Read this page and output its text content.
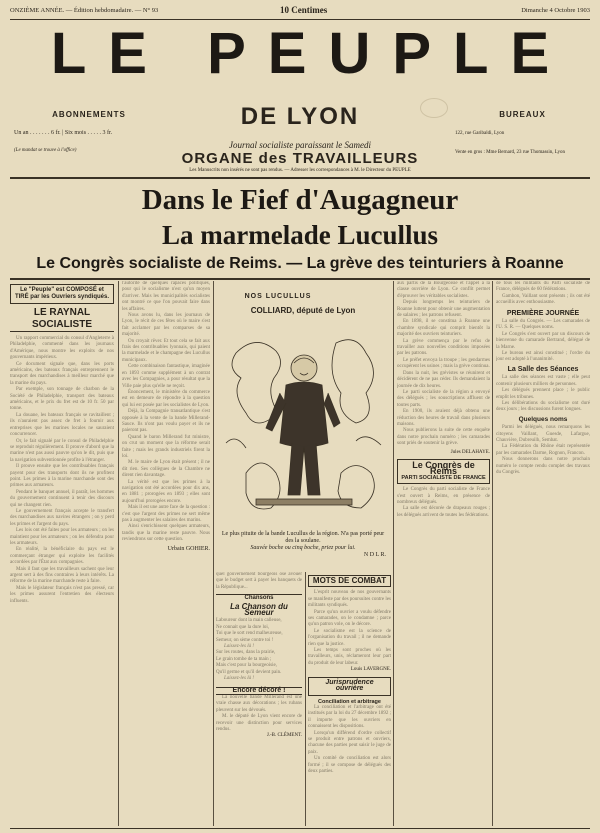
ONZIÈME ANNÉE. — Édition hebdomadaire. — N° 93	10 Centimes	Dimanche 4 Octobre 1903
LE PEUPLE
DE LYON
ABONNEMENTS
Un an . . . . . . . 6 fr. | Six mois . . . . . 3 fr.
(Le mandat se trouve à l'office)
BUREAUX
122, rue Garibaldi, Lyon
Vente en gros : Mme Bernard, 23 rue Thomassin, Lyon
Journal socialiste paraissant le Samedi
ORGANE des TRAVAILLEURS
Les Manuscrits non insérés ne sont pas rendus. — Adresser les correspondances à M. le Directeur du PEUPLE
Dans le Fief d'Augagneur
La marmelade Lucullus
Le Congrès socialiste de Reims. — La grève des teinturiers à Roanne
Le "Peuple" est COMPOSÉ et TIRÉ par les Ouvriers syndiqués.
LE RAYNAL SOCIALISTE
Un rapport commercial du consul d'Angleterre à Philadelphie, commenté dans les journaux d'Amérique, nous montre les exploits de nos gouvernants impérieux.
Ce document signale que, dans les ports américains, des bateaux français entreprennent le transport des marchandises à meilleur marché que la marine du pays.
Par exemple, son tonnage de charbon de la Société de Philadelphie, transport des bateaux américains, et le prix du fret est de 10 fr. 50 par tonne.
La douane, les bateaux français se ravitaillent ; ils n'auraient pas assez de fret à fournir aux entreprises que les marines locales ne sauraient concurrencer.
Or, le fait signalé par le consul de Philadelphie se reproduit régulièrement. Il prouve d'abord que la marine n'est pas aussi pauvre qu'on le dit, puis que la navigation subventionnée profite à l'étranger.
Il prouve ensuite que les contribuables français payent pour des transports dont ils ne profitent point. Les primes à la marine marchande sont des primes aux armateurs.
Pendant le banquet annuel, il paraît, les hommes du gouvernement continuent à tenir des discours qui ne changent rien.
Le gouvernement français accepte le transfert des marchandises aux navires étrangers ; on y perd les primes et l'argent du pays.
Les lois ont été faites pour les armateurs ; on les maintient pour les armateurs ; on les défendra pour les armateurs.
En réalité, la bénéficiaire du pays est le commerçant étranger qui exploite les facilités accordées par l'État aux compagnies.
Mais il faut que les travailleurs sachent que leur argent sert à des fins contraires à leurs intérêts. La réforme de la marine marchande reste à faire.
Mais le législateur français n'est pas pressé, car les primes assurent l'entretien des électeurs influents.
l'autorité de quelques rapaces politiques, pour qui le socialisme n'est qu'un moyen d'arriver. Mais les municipalités socialistes ont montré ce que l'on pouvait faire dans les affaires.
Nous avons lu, dans les journaux de Lyon, le récit de ces fêtes où le maire s'est fait acclamer par les comparses de sa majorité.
On croyait rêver. Et tout cela se fait aux frais des contribuables lyonnais, qui paient la marmelade et le champagne des Lucullus municipaux.
Cette combinaison fantastique, imaginée en 1893 comme supplément à un contrat avec les Compagnies, a pour résultat que la Ville paie plus qu'elle ne reçoit.
Énoncement, le ministère du commerce est en demeure de répondre à la question qui lui est posée par les socialistes de Lyon.
Déjà, la Compagnie transatlantique s'est opposée à la vente de la bande Millerand-Sauce. Ils n'ont pas voulu payer et ils ne paieront pas.
Quand le baron Millerand fut ministre, on crut un moment que la réforme serait faite ; mais les grands industriels firent la loi.
M. le maire de Lyon était présent ; il ne dit rien. Ses collègues de la Chambre ne dirent rien davantage.
La vérité est que les primes à la navigation ont été accordées pour dix ans, en 1881 ; prorogées en 1893 ; elles sont aujourd'hui prorogées encore.
Mais il est une autre face de la question : c'est que l'argent des primes ne sert même pas à augmenter les salaires des marins.
Ainsi s'enrichissent quelques armateurs, tandis que la marine reste pauvre. Nous reviendrons sur cette question.
Urbain GOHIER.
NOS LUCULLUS
COLLIARD, député de Lyon
Le plus pituite de la bande Lucullus de la région. N'a pas porté peur des la soulane.
Sauvée boche ou cinq boche, priez pour lui.
N D L R.
quel gouvernement bourgeois ose avouer que le budget sert à payer les banquets de la République...
Chansons
La Chanson du Semeur
Laboureur dont la main calleuse,
Ne connait que la dure loi,
Toi que le sort rend malheureuse,
Semeur, on sème contre toi !
Laissez-les là !
Sur les routes, dans la prairie,
Le grain tombe de ta main ;
Mais c'est pour la bourgeoisie,
Qu'il germe et qu'il devient pain.
Laissez-les là !
Encore décoré !
La nouvelle bande Millerand est une vraie chasse aux décorations ; les rubans pleuvent sur les dévoués.
M. le député de Lyon vient encore de recevoir une distinction pour services rendus.
J.-B. CLÉMENT.
MOTS DE COMBAT
L'esprit nouveau de nos gouvernants se manifeste par des poursuites contre les militants syndiqués.
Parce qu'un ouvrier a voulu défendre ses camarades, on le condamne ; parce qu'un patron vole, on le décore.
Le socialisme est la science de l'organisation du travail ; il ne demande rien que la justice.
Les temps sont proches où les travailleurs, unis, réclameront leur part du produit de leur labeur.
Louis LAVERGNE.
Jurisprudence ouvrière
Conciliation et arbitrage
La conciliation et l'arbitrage ont été institués par la loi du 27 décembre 1892 ; il importe que les ouvriers en connaissent les dispositions.
Lorsqu'un différend d'ordre collectif se produit entre patrons et ouvriers, chacune des parties peut saisir le juge de paix.
Un comité de conciliation est alors formé ; il se compose de délégués des deux parties.
aux partis de la Bourgeoisie et l'appel à la classe ouvrière de Lyon. Ce conflit permet d'éprouver les véritables socialistes.
Depuis longtemps les teinturiers de Roanne luttent pour obtenir une augmentation de salaires ; les patrons refusent.
En 1898, il se constitua à Roanne une chambre syndicale qui comprit bientôt la majorité des ouvriers teinturiers.
La grève commença par le refus de travailler aux nouvelles conditions imposées par les patrons.
Le préfet envoya la troupe ; les gendarmes occupèrent les usines ; mais la grève continua.
Dans la nuit, les grévistes se réunirent et décidèrent de ne pas céder. Ils demandaient la journée de dix heures.
Le parti socialiste de la région a envoyé des délégués ; les souscriptions affluent de toutes parts.
En 1900, ils avaient déjà obtenu une réduction des heures de travail dans plusieurs maisons.
Nous publierons la suite de cette enquête dans notre prochain numéro ; les camarades sont priés de soutenir la grève.
Jules DELAHAYE.
Le Congrès de Reims
PARTI SOCIALISTE DE FRANCE
Le Congrès du parti socialiste de France s'est ouvert à Reims, en présence de nombreux délégués.
La salle est décorée de drapeaux rouges ; les délégués arrivent de toutes les fédérations.
de tous les militants du Parti socialiste de France, délégués de 60 fédérations.
Gambon, Vaillant sont présents ; ils ont été accueillis avec enthousiasme.
PREMIÈRE JOURNÉE
La salle du Congrès. — Les camarades de l'U. S. R. — Quelques noms.
Le Congrès s'est ouvert par un discours de bienvenue du camarade Bertrand, délégué de la Marne.
Le bureau est ainsi constitué ; l'ordre du jour est adopté à l'unanimité.
La Salle des Séances
La salle des séances est vaste ; elle peut contenir plusieurs milliers de personnes.
Les délégués prennent place ; le public emplit les tribunes.
Les délibérations du socialisme ont duré deux jours ; les discussions furent longues.
Quelques noms
Parmi les délégués, nous remarquons les citoyens Vaillant, Guesde, Lafargue, Chauvière, Dubreuilh, Sembat.
La Fédération du Rhône était représentée par les camarades Darme, Rognon, Francon.
Nous donnerons dans notre prochain numéro le compte rendu complet des travaux du Congrès.
